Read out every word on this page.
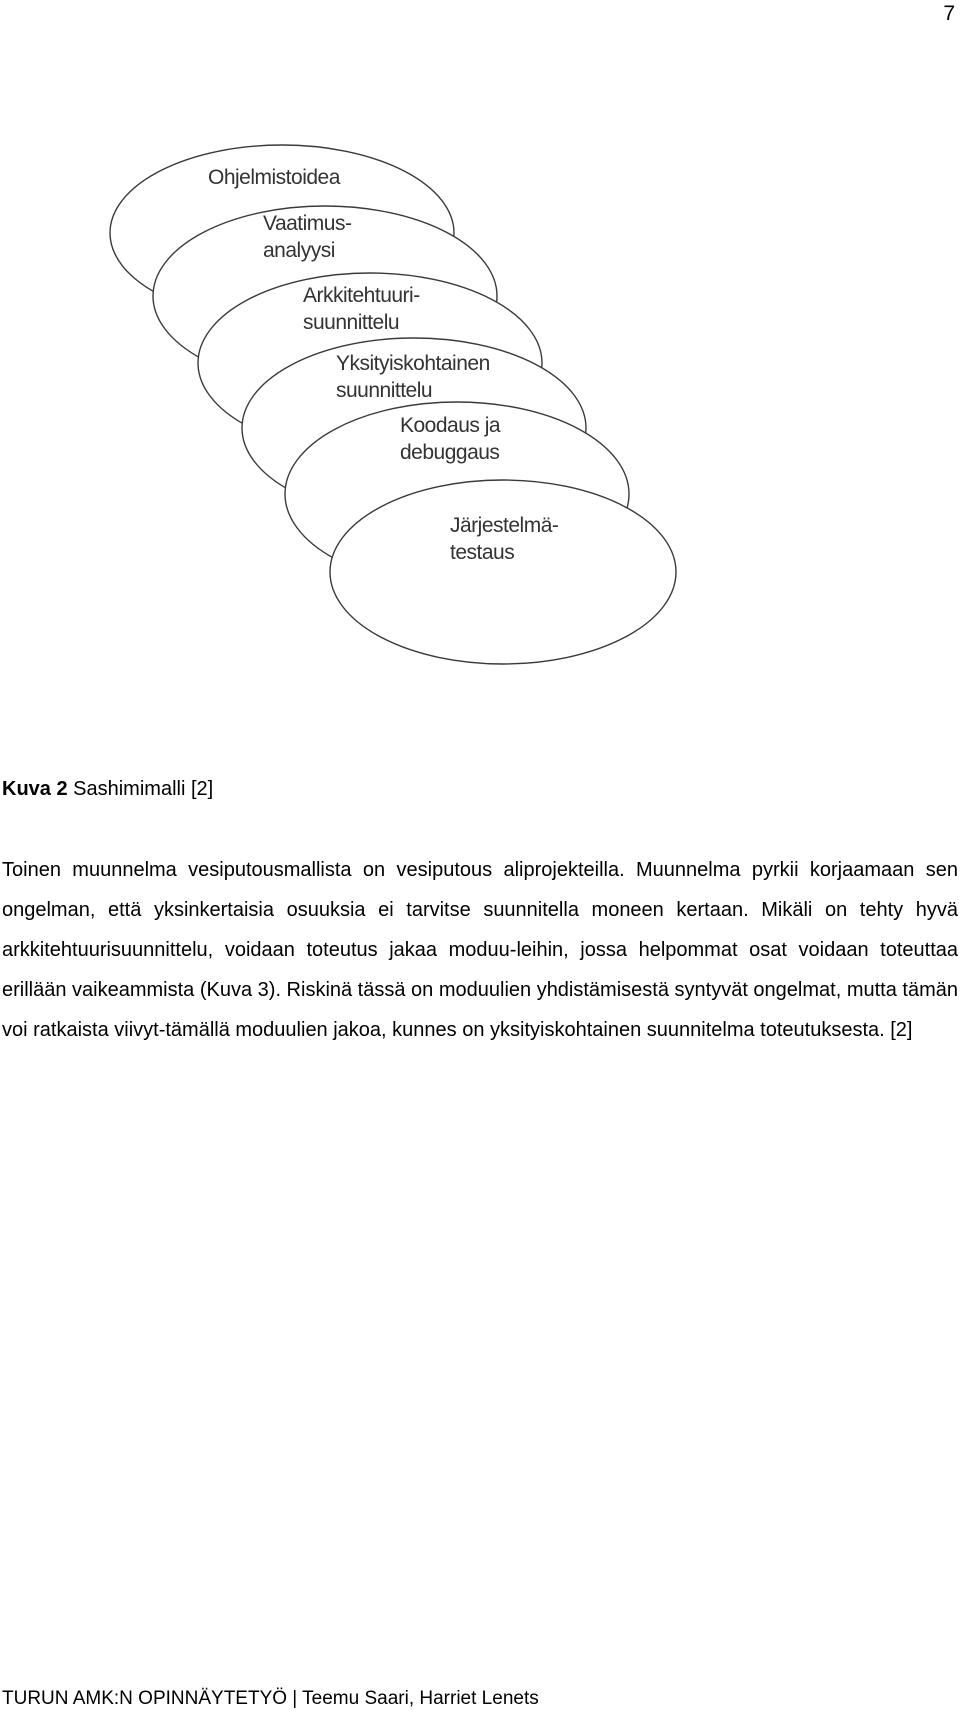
7
Ohjelmistoidea
Vaatimus-
analyysi
Arkkitehtuuri-
suunnittelu
Yksityiskohtainen
suunnittelu
Koodaus ja
debuggaus
Järjestelmä-
testaus
Kuva 2 Sashimimalli [2]

Toinen muunnelma vesiputousmallista on vesiputous aliprojekteilla. Muunnelma pyrkii korjaamaan sen ongelman, että yksinkertaisia osuuksia ei tarvitse suunnitella moneen kertaan. Mikäli on tehty hyvä arkkitehtuurisuunnittelu, voidaan toteutus jakaa moduu-leihin, jossa helpommat osat voidaan toteuttaa erillään vaikeammista (Kuva 3). Riskinä tässä on moduulien yhdistämisestä syntyvät ongelmat, mutta tämän voi ratkaista viivyt-tämällä moduulien jakoa, kunnes on yksityiskohtainen suunnitelma toteutuksesta. [2]

TURUN AMK:N OPINNÄYTETYÖ | Teemu Saari, Harriet Lenets
